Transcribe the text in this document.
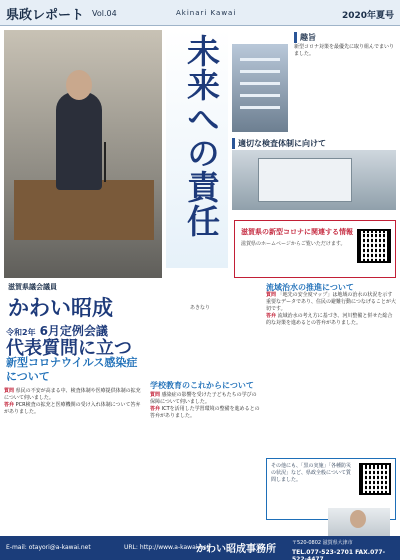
県政レポート Vol.04	Akinari Kawai	2020年夏号
未来への責任	趣旨
新型コロナ対策を最優先に取り組んでまいりました。
適切な検査体制に向けて
滋賀県の新型コロナに関連する情報
滋賀県のホームページからご覧いただけます。
滋賀県議会議員
かわい昭成	あきなり
令和2年 6月定例会議
代表質問に立つ
新型コロナウイルス感染症
について

質問 県民の不安が高まる中、検査体制や医療提供体制の拡充について伺いました。

答弁 PCR検査の拡充と医療機関の受け入れ体制について答弁がありました。

学校教育のこれからについて

質問 感染症の影響を受けた子どもたちの学びの保障について伺いました。

答弁 ICTを活用した学習環境の整備を進めるとの答弁がありました。

流域治水の推進について

質問 「地先の安全度マップ」は地域の治水の状況を示す重要なデータであり、住民の避難行動につなげることが大切です。

答弁 流域治水の考え方に基づき、河川整備と併せた総合的な対策を進めるとの答弁がありました。

その他にも、「黒の実施」「各種防災の状況」など、県政全般について質問しました。
E-mail: otayori@a-kawai.net	URL: http://www.a-kawai.net
かわい昭成事務所
〒520-0802 滋賀県大津市
TEL.077-523-2701 FAX.077-522-4477
